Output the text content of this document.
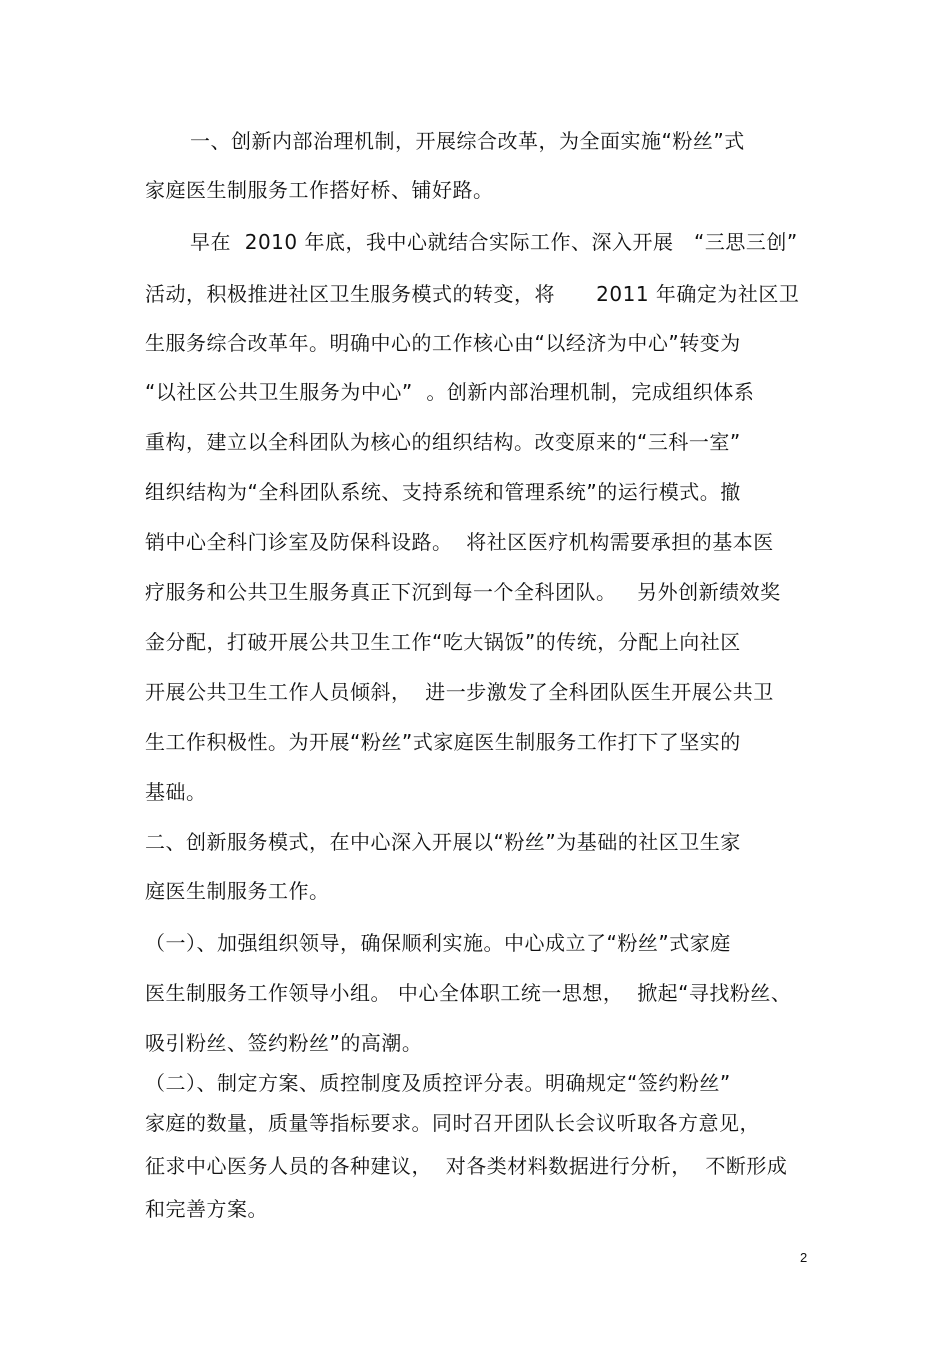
一、创新内部治理机制，开展综合改革，为全面实施“粉丝”式
家庭医生制服务工作搭好桥、铺好路。
早在  2010 年底，我中心就结合实际工作、深入开展   “三思三创”
活动，积极推进社区卫生服务模式的转变，将      2011 年确定为社区卫
生服务综合改革年。明确中心的工作核心由“以经济为中心”转变为
“以社区公共卫生服务为中心”  。创新内部治理机制，完成组织体系
重构，建立以全科团队为核心的组织结构。改变原来的“三科一室”
组织结构为“全科团队系统、支持系统和管理系统”的运行模式。撤
销中心全科门诊室及防保科设路。  将社区医疗机构需要承担的基本医
疗服务和公共卫生服务真正下沉到每一个全科团队。   另外创新绩效奖
金分配，打破开展公共卫生工作“吃大锅饭”的传统，分配上向社区
开展公共卫生工作人员倾斜，  进一步激发了全科团队医生开展公共卫
生工作积极性。为开展“粉丝”式家庭医生制服务工作打下了坚实的
基础。
二、创新服务模式，在中心深入开展以“粉丝”为基础的社区卫生家
庭医生制服务工作。
（一）、加强组织领导，确保顺利实施。中心成立了“粉丝”式家庭
医生制服务工作领导小组。 中心全体职工统一思想，  掀起“寻找粉丝、
吸引粉丝、签约粉丝”的高潮。
（二）、制定方案、质控制度及质控评分表。明确规定“签约粉丝”
家庭的数量，质量等指标要求。同时召开团队长会议听取各方意见，
征求中心医务人员的各种建议，  对各类材料数据进行分析，  不断形成
和完善方案。
2
